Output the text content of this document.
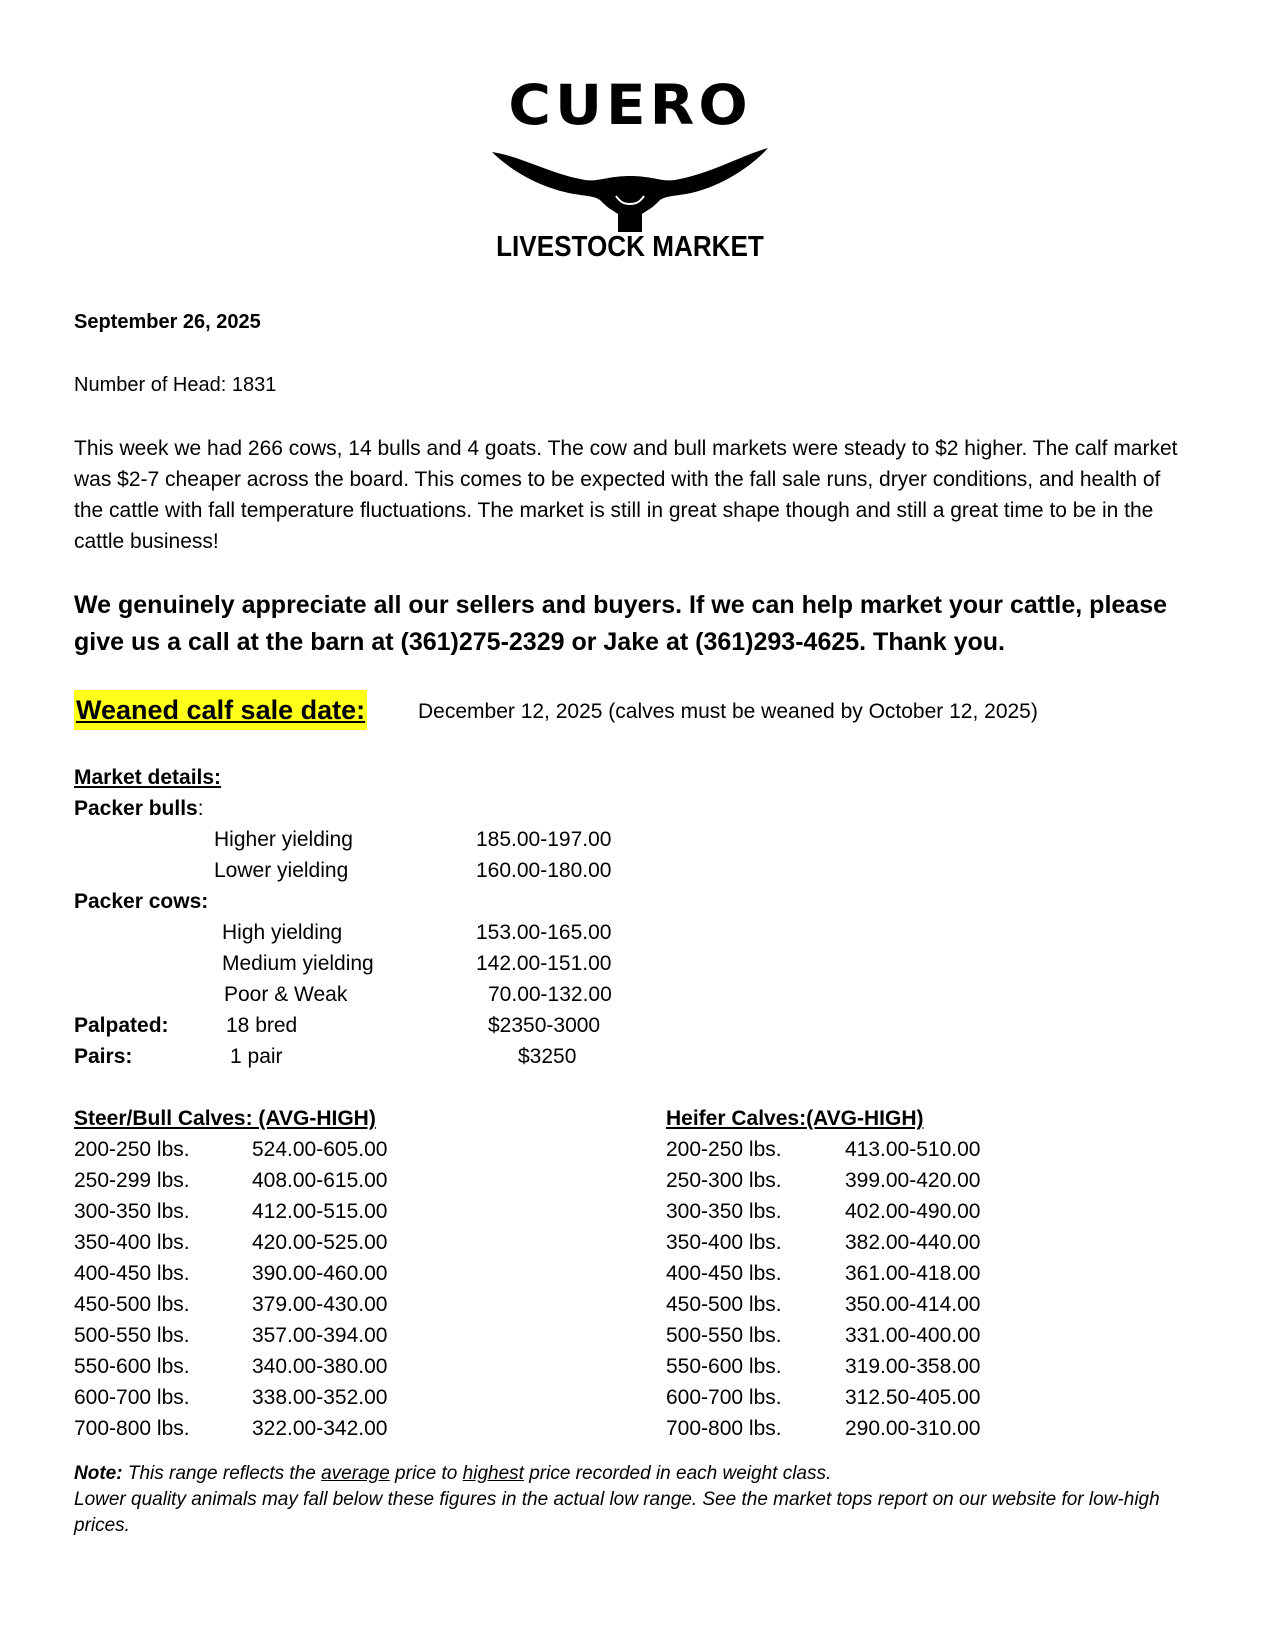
CUERO
LIVESTOCK MARKET
September 26, 2025
Number of Head: 1831
This week we had 266 cows, 14 bulls and 4 goats. The cow and bull markets were steady to $2 higher. The calf market was $2-7 cheaper across the board. This comes to be expected with the fall sale runs, dryer conditions, and health of the cattle with fall temperature fluctuations. The market is still in great shape though and still a great time to be in the cattle business!
We genuinely appreciate all our sellers and buyers. If we can help market your cattle, please give us a call at the barn at (361)275-2329 or Jake at (361)293-4625. Thank you.
Weaned calf sale date:	December 12, 2025 (calves must be weaned by October 12, 2025)
Market details:
Packer bulls:
Higher yielding	185.00-197.00
Lower yielding	160.00-180.00
Packer cows:
High yielding	153.00-165.00
Medium yielding	142.00-151.00
Poor & Weak	70.00-132.00
Palpated:	18 bred	$2350-3000
Pairs:	1 pair	$3250
Steer/Bull Calves: (AVG-HIGH)
200-250 lbs.	524.00-605.00
250-299 lbs.	408.00-615.00
300-350 lbs.	412.00-515.00
350-400 lbs.	420.00-525.00
400-450 lbs.	390.00-460.00
450-500 lbs.	379.00-430.00
500-550 lbs.	357.00-394.00
550-600 lbs.	340.00-380.00
600-700 lbs.	338.00-352.00
700-800 lbs.	322.00-342.00
Heifer Calves:(AVG-HIGH)
200-250 lbs.	413.00-510.00
250-300 lbs.	399.00-420.00
300-350 lbs.	402.00-490.00
350-400 lbs.	382.00-440.00
400-450 lbs.	361.00-418.00
450-500 lbs.	350.00-414.00
500-550 lbs.	331.00-400.00
550-600 lbs.	319.00-358.00
600-700 lbs.	312.50-405.00
700-800 lbs.	290.00-310.00
Note: This range reflects the average price to highest price recorded in each weight class.
Lower quality animals may fall below these figures in the actual low range. See the market tops report on our website for low-high prices.
